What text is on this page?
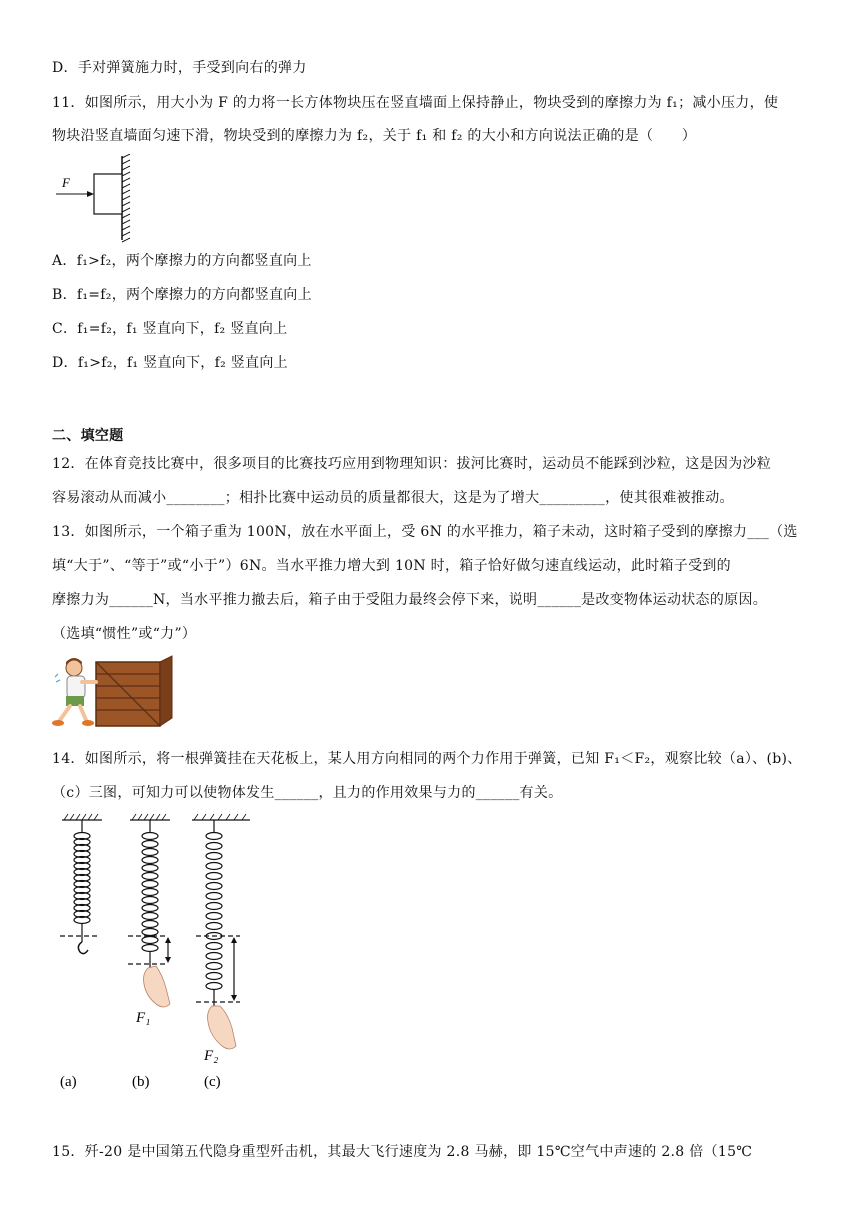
D．手对弹簧施力时，手受到向右的弹力
11．如图所示，用大小为 F 的力将一长方体物块压在竖直墙面上保持静止，物块受到的摩擦力为 f₁；减小压力，使
物块沿竖直墙面匀速下滑，物块受到的摩擦力为 f₂，关于 f₁ 和 f₂ 的大小和方向说法正确的是（　　）
F
A．f₁>f₂，两个摩擦力的方向都竖直向上
B．f₁=f₂，两个摩擦力的方向都竖直向上
C．f₁=f₂，f₁ 竖直向下，f₂ 竖直向上
D．f₁>f₂，f₁ 竖直向下，f₂ 竖直向上
二、填空题
12．在体育竞技比赛中，很多项目的比赛技巧应用到物理知识：拔河比赛时，运动员不能踩到沙粒，这是因为沙粒
容易滚动从而减小________；相扑比赛中运动员的质量都很大，这是为了增大_________，使其很难被推动。
13．如图所示，一个箱子重为 100N，放在水平面上，受 6N 的水平推力，箱子未动，这时箱子受到的摩擦力___（选
填“大于”、“等于”或“小于”）6N。当水平推力增大到 10N 时，箱子恰好做匀速直线运动，此时箱子受到的
摩擦力为______N，当水平推力撤去后，箱子由于受阻力最终会停下来，说明______是改变物体运动状态的原因。
（选填“惯性”或“力”）
14．如图所示，将一根弹簧挂在天花板上，某人用方向相同的两个力作用于弹簧，已知 F₁＜F₂，观察比较（a）、(b)、
（c）三图，可知力可以使物体发生______，且力的作用效果与力的______有关。
F₁
F₂
(a)	(b)	(c)
15．歼-20 是中国第五代隐身重型歼击机，其最大飞行速度为 2.8 马赫，即 15℃空气中声速的 2.8 倍（15℃
